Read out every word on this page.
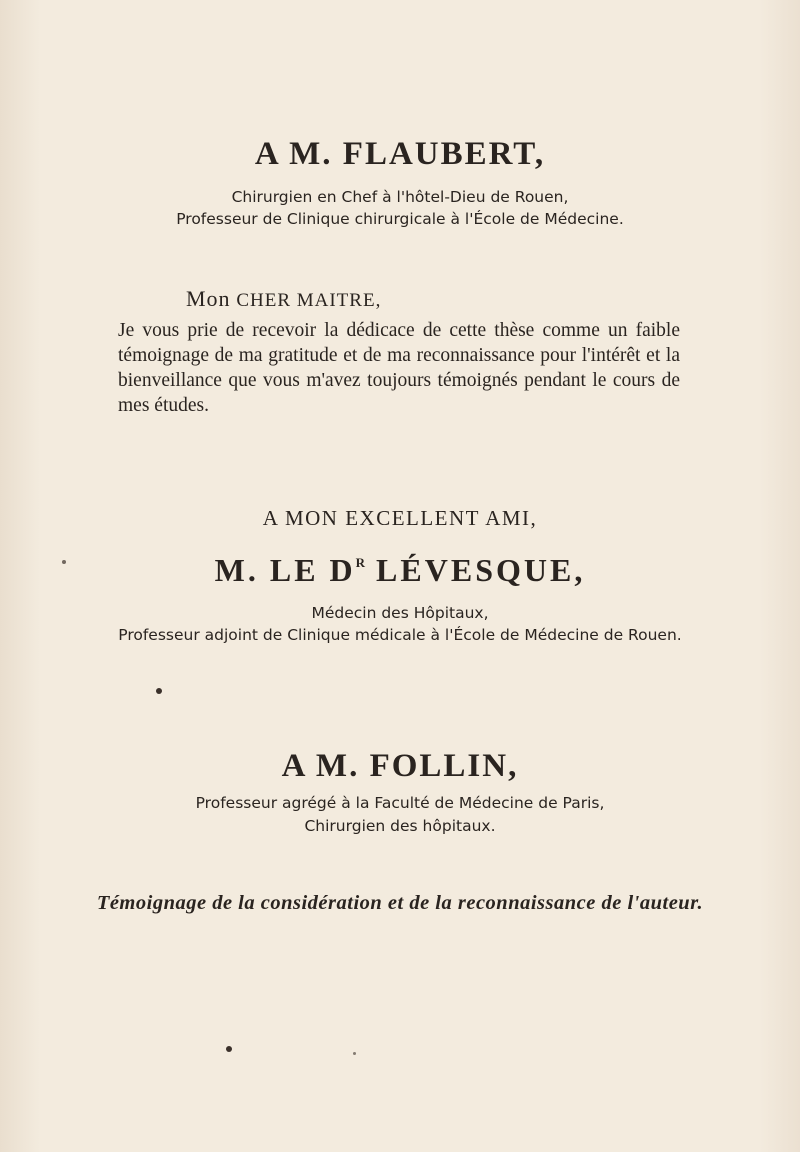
A M. FLAUBERT,
Chirurgien en Chef à l'hôtel-Dieu de Rouen,
Professeur de Clinique chirurgicale à l'École de Médecine.
Mon CHER MAITRE,
Je vous prie de recevoir la dédicace de cette thèse comme un faible témoignage de ma gratitude et de ma reconnaissance pour l'intérêt et la bienveillance que vous m'avez toujours témoignés pendant le cours de mes études.
A MON EXCELLENT AMI,
M. LE $D^R$ LÉVESQUE,
Médecin des Hôpitaux,
Professeur adjoint de Clinique médicale à l'École de Médecine de Rouen.
A M. FOLLIN,
Professeur agrégé à la Faculté de Médecine de Paris,
Chirurgien des hôpitaux.
Témoignage de la considération et de la reconnaissance de l'auteur.
